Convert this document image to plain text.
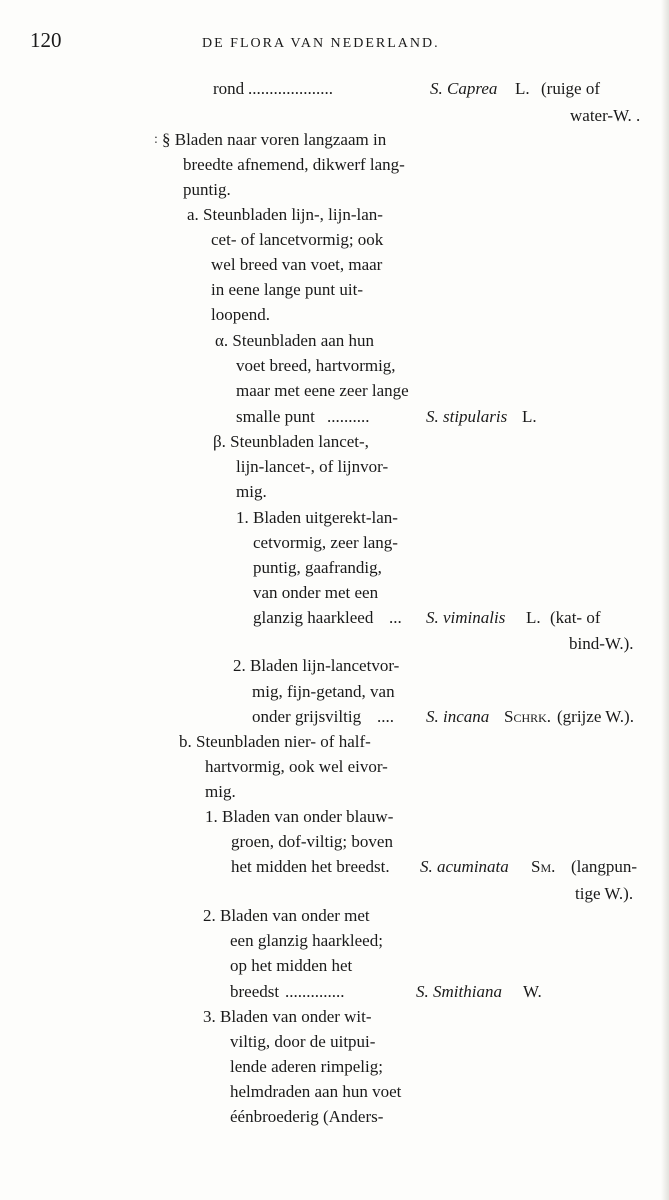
120	DE FLORA VAN NEDERLAND.
rond ....................	S. Caprea L. (ruige of
water-W. .
: § Bladen naar voren langzaam in
breedte afnemend, dikwerf lang-
puntig.
a. Steunbladen lijn-, lijn-lan-
cet- of lancetvormig; ook
wel breed van voet, maar
in eene lange punt uit-
loopend.
α. Steunbladen aan hun
voet breed, hartvormig,
maar met eene zeer lange
smalle punt ..........	S. stipularis L.
β. Steunbladen lancet-,
lijn-lancet-, of lijnvor-
mig.
1. Bladen uitgerekt-lan-
cetvormig, zeer lang-
puntig, gaafrandig,
van onder met een
glanzig haarkleed ... S. viminalis L. (kat- of
bind-W.).
2. Bladen lijn-lancetvor-
mig, fijn-getand, van
onder grijsviltig .... S. incana Schrk. (grijze W.).
b. Steunbladen nier- of half-
hartvormig, ook wel eivor-
mig.
1. Bladen van onder blauw-
groen, dof-viltig; boven
het midden het breedst. S. acuminata Sm. (langpun-
tige W.).
2. Bladen van onder met
een glanzig haarkleed;
op het midden het
breedst ..............	S. Smithiana W.
3. Bladen van onder wit-
viltig, door de uitpui-
lende aderen rimpelig;
helmdraden aan hun voet
éénbroederig (Anders-
